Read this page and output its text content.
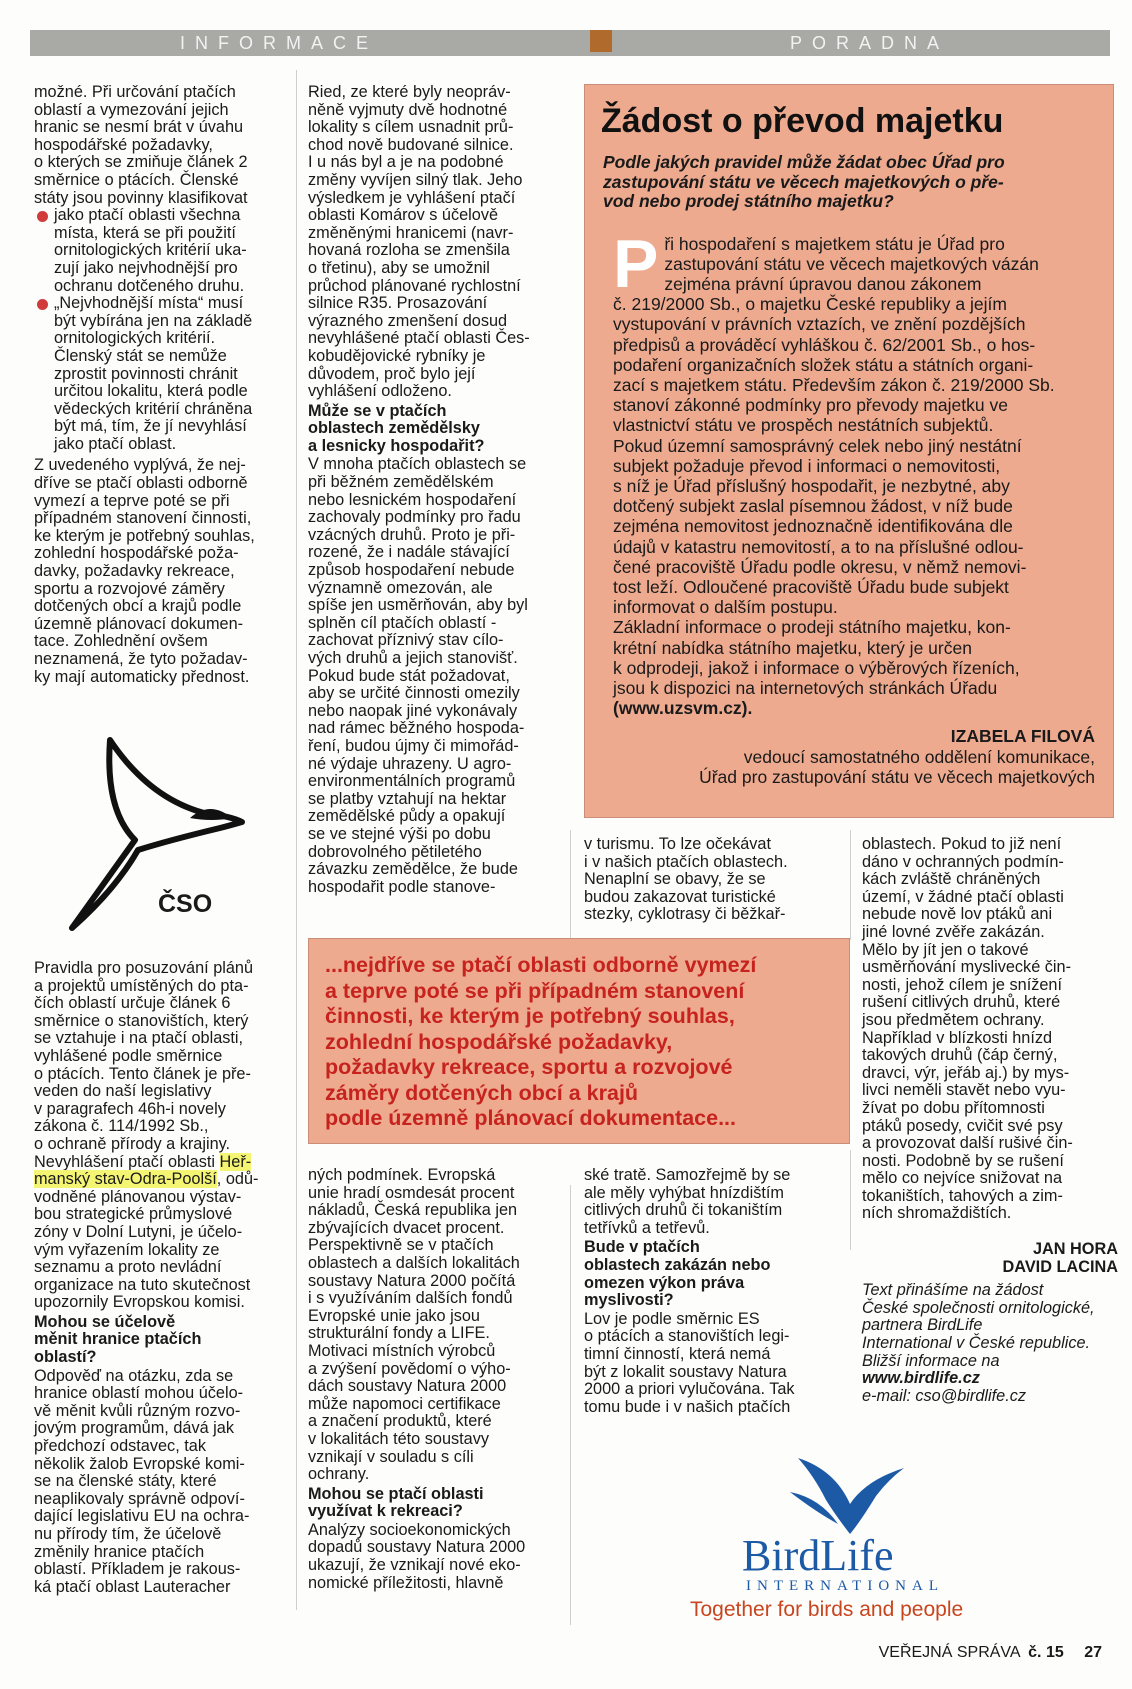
INFORMACE	PORADNA

možné. Při určování ptačích
oblastí a vymezování jejich
hranic se nesmí brát v úvahu
hospodářské požadavky,
o kterých se zmiňuje článek 2
směrnice o ptácích. Členské
státy jsou povinny klasifikovat

jako ptačí oblasti všechna
místa, která se při použití
ornitologických kritérií uka-
zují jako nejvhodnější pro
ochranu dotčeného druhu.
„Nejvhodnější místa“ musí
být vybírána jen na základě
ornitologických kritérií.
Členský stát se nemůže
zprostit povinnosti chránit
určitou lokalitu, která podle
vědeckých kritérií chráněna
být má, tím, že jí nevyhlásí
jako ptačí oblast.

Z uvedeného vyplývá, že nej-
dříve se ptačí oblasti odborně
vymezí a teprve poté se při
případném stanovení činnosti,
ke kterým je potřebný souhlas,
zohlední hospodářské poža-
davky, požadavky rekreace,
sportu a rozvojové záměry
dotčených obcí a krajů podle
územně plánovací dokumen-
tace. Zohlednění ovšem
neznamená, že tyto požadav-
ky mají automaticky přednost.

ČSO

Pravidla pro posuzování plánů
a projektů umístěných do pta-
čích oblastí určuje článek 6
směrnice o stanovištích, který
se vztahuje i na ptačí oblasti,
vyhlášené podle směrnice
o ptácích. Tento článek je pře-
veden do naší legislativy
v paragrafech 46h-i novely
zákona č. 114/1992 Sb.,
o ochraně přírody a krajiny.

Nevyhlášení ptačí oblasti Heř-
manský stav-Odra-Poolší, odů-
vodněné plánovanou výstav-
bou strategické průmyslové
zóny v Dolní Lutyni, je účelo-
vým vyřazením lokality ze
seznamu a proto nevládní
organizace na tuto skutečnost
upozornily Evropskou komisi.

Mohou se účelově
měnit hranice ptačích
oblastí?

Odpověď na otázku, zda se
hranice oblastí mohou účelo-
vě měnit kvůli různým rozvo-
jovým programům, dává jak
předchozí odstavec, tak
několik žalob Evropské komi-
se na členské státy, které
neaplikovaly správně odpoví-
dající legislativu EU na ochra-
nu přírody tím, že účelově
změnily hranice ptačích
oblastí. Příkladem je rakous-
ká ptačí oblast Lauteracher

Ried, ze které byly neopráv-
něně vyjmuty dvě hodnotné
lokality s cílem usnadnit prů-
chod nově budované silnice.
I u nás byl a je na podobné
změny vyvíjen silný tlak. Jeho
výsledkem je vyhlášení ptačí
oblasti Komárov s účelově
změněnými hranicemi (navr-
hovaná rozloha se zmenšila
o třetinu), aby se umožnil
průchod plánované rychlostní
silnice R35. Prosazování
výrazného zmenšení dosud
nevyhlášené ptačí oblasti Čes-
kobudějovické rybníky je
důvodem, proč bylo její
vyhlášení odloženo.

Může se v ptačích
oblastech zemědělsky
a lesnicky hospodařit?

V mnoha ptačích oblastech se
při běžném zemědělském
nebo lesnickém hospodaření
zachovaly podmínky pro řadu
vzácných druhů. Proto je při-
rozené, že i nadále stávající
způsob hospodaření nebude
významně omezován, ale
spíše jen usměrňován, aby byl
splněn cíl ptačích oblastí -
zachovat příznivý stav cílo-
vých druhů a jejich stanovišť.
Pokud bude stát požadovat,
aby se určité činnosti omezily
nebo naopak jiné vykonávaly
nad rámec běžného hospoda-
ření, budou újmy či mimořád-
né výdaje uhrazeny. U agro-
environmentálních programů
se platby vztahují na hektar
zemědělské půdy a opakují
se ve stejné výši po dobu
dobrovolného pětiletého
závazku zemědělce, že bude
hospodařit podle stanove-

ných podmínek. Evropská
unie hradí osmdesát procent
nákladů, Česká republika jen
zbývajících dvacet procent.
Perspektivně se v ptačích
oblastech a dalších lokalitách
soustavy Natura 2000 počítá
i s využíváním dalších fondů
Evropské unie jako jsou
strukturální fondy a LIFE.
Motivaci místních výrobců
a zvýšení povědomí o výho-
dách soustavy Natura 2000
může napomoci certifikace
a značení produktů, které
v lokalitách této soustavy
vznikají v souladu s cíli
ochrany.

Mohou se ptačí oblasti
využívat k rekreaci?

Analýzy socioekonomických
dopadů soustavy Natura 2000
ukazují, že vznikají nové eko-
nomické příležitosti, hlavně

v turismu. To lze očekávat
i v našich ptačích oblastech.
Nenaplní se obavy, že se
budou zakazovat turistické
stezky, cyklotrasy či běžkař-

ské tratě. Samozřejmě by se
ale měly vyhýbat hnízdištím
citlivých druhů či tokaništím
tetřívků a tetřevů.

Bude v ptačích
oblastech zakázán nebo
omezen výkon práva
myslivosti?

Lov je podle směrnic ES
o ptácích a stanovištích legi-
timní činností, která nemá
být z lokalit soustavy Natura
2000 a priori vylučována. Tak
tomu bude i v našich ptačích

oblastech. Pokud to již není
dáno v ochranných podmín-
kách zvláště chráněných
území, v žádné ptačí oblasti
nebude nově lov ptáků ani
jiné lovné zvěře zakázán.
Mělo by jít jen o takové
usměrňování myslivecké čin-
nosti, jehož cílem je snížení
rušení citlivých druhů, které
jsou předmětem ochrany.
Například v blízkosti hnízd
takových druhů (čáp černý,
dravci, výr, jeřáb aj.) by mys-
livci neměli stavět nebo vyu-
žívat po dobu přítomnosti
ptáků posedy, cvičit své psy
a provozovat další rušivé čin-
nosti. Podobně by se rušení
mělo co nejvíce snižovat na
tokaništích, tahových a zim-
ních shromaždištích.

JAN HORA
DAVID LACINA

Text přinášíme na žádost
České společnosti ornitologické,
partnera BirdLife
International v České republice.
Bližší informace na

www.birdlife.cz

e-mail: cso@birdlife.cz

Žádost o převod majetku

Podle jakých pravidel může žádat obec Úřad pro
zastupování státu ve věcech majetkových o pře-
vod nebo prodej státního majetku?

P ři hospodaření s majetkem státu je Úřad pro
zastupování státu ve věcech majetkových vázán
zejména právní úpravou danou zákonem
č. 219/2000 Sb., o majetku České republiky a jejím
vystupování v právních vztazích, ve znění pozdějších
předpisů a prováděcí vyhláškou č. 62/2001 Sb., o hos-
podaření organizačních složek státu a státních organi-
zací s majetkem státu. Především zákon č. 219/2000 Sb.
stanoví zákonné podmínky pro převody majetku ve
vlastnictví státu ve prospěch nestátních subjektů.
Pokud územní samosprávný celek nebo jiný nestátní
subjekt požaduje převod i informaci o nemovitosti,
s níž je Úřad příslušný hospodařit, je nezbytné, aby
dotčený subjekt zaslal písemnou žádost, v níž bude
zejména nemovitost jednoznačně identifikována dle
údajů v katastru nemovitostí, a to na příslušné odlou-
čené pracoviště Úřadu podle okresu, v němž nemovi-
tost leží. Odloučené pracoviště Úřadu bude subjekt
informovat o dalším postupu.
Základní informace o prodeji státního majetku, kon-
krétní nabídka státního majetku, který je určen
k odprodeji, jakož i informace o výběrových řízeních,
jsou k dispozici na internetových stránkách Úřadu
(www.uzsvm.cz).
IZABELA FILOVÁ
vedoucí samostatného oddělení komunikace,
Úřad pro zastupování státu ve věcech majetkových
...nejdříve se ptačí oblasti odborně vymezí
a teprve poté se při případném stanovení
činnosti, ke kterým je potřebný souhlas,
zohlední hospodářské požadavky,
požadavky rekreace, sportu a rozvojové
záměry dotčených obcí a krajů
podle územně plánovací dokumentace...
BirdLife
INTERNATIONAL
Together for birds and people
VEŘEJNÁ SPRÁVA č. 15 27
